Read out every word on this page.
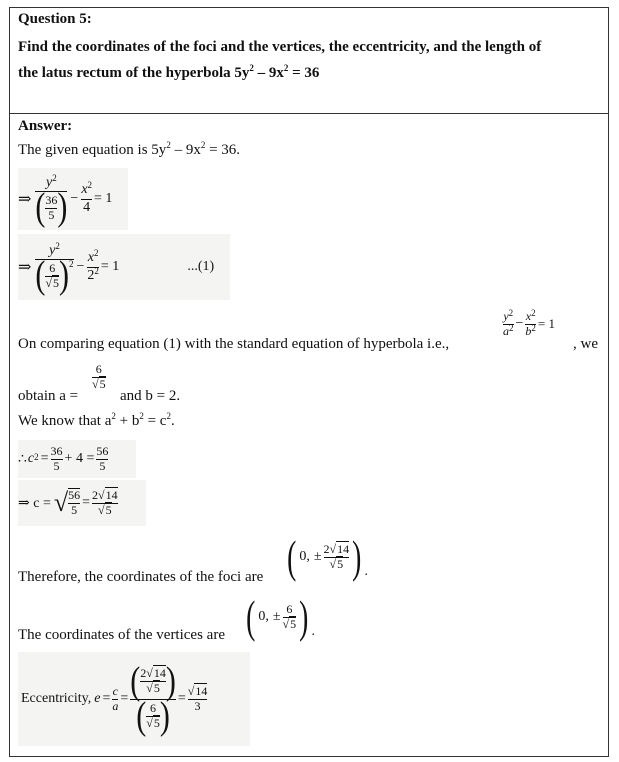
Question 5:
Find the coordinates of the foci and the vertices, the eccentricity, and the length of
the latus rectum of the hyperbola $5y^2 - 9x^2 = 36$
Answer:
The given equation is $5y^2 - 9x^2 = 36$.
⇒ $\frac{y^2}{( \frac{36}{5} )} - \frac{x^2}{4} = 1$
⇒ $\frac{y^2}{( \frac{6}{√5} )^2} - \frac{x^2}{2^2} = 1$	...(1)
$\frac{y^2}{a^2} - \frac{x^2}{b^2} = 1$
On comparing equation (1) with the standard equation of hyperbola i.e.,	, we
obtain a =
$\frac{6}{√5}$
and b = 2.
We know that $a^2 + b^2 = c^2$.
∴ $c^2 = \frac{36}{5} + 4 = \frac{56}{5}$
⇒ c = √ $\frac{56}{5} = \frac{2√14}{√5}$
Therefore, the coordinates of the foci are ( 0, ± $\frac{2√14}{√5}$ ) .
The coordinates of the vertices are ( 0, ± $\frac{6}{√5}$ ) .
Eccentricity, $e = \frac{c}{a} = \frac{( \frac{2√14}{√5} )}{( \frac{6}{√5} )} = \frac{√14}{3}$
